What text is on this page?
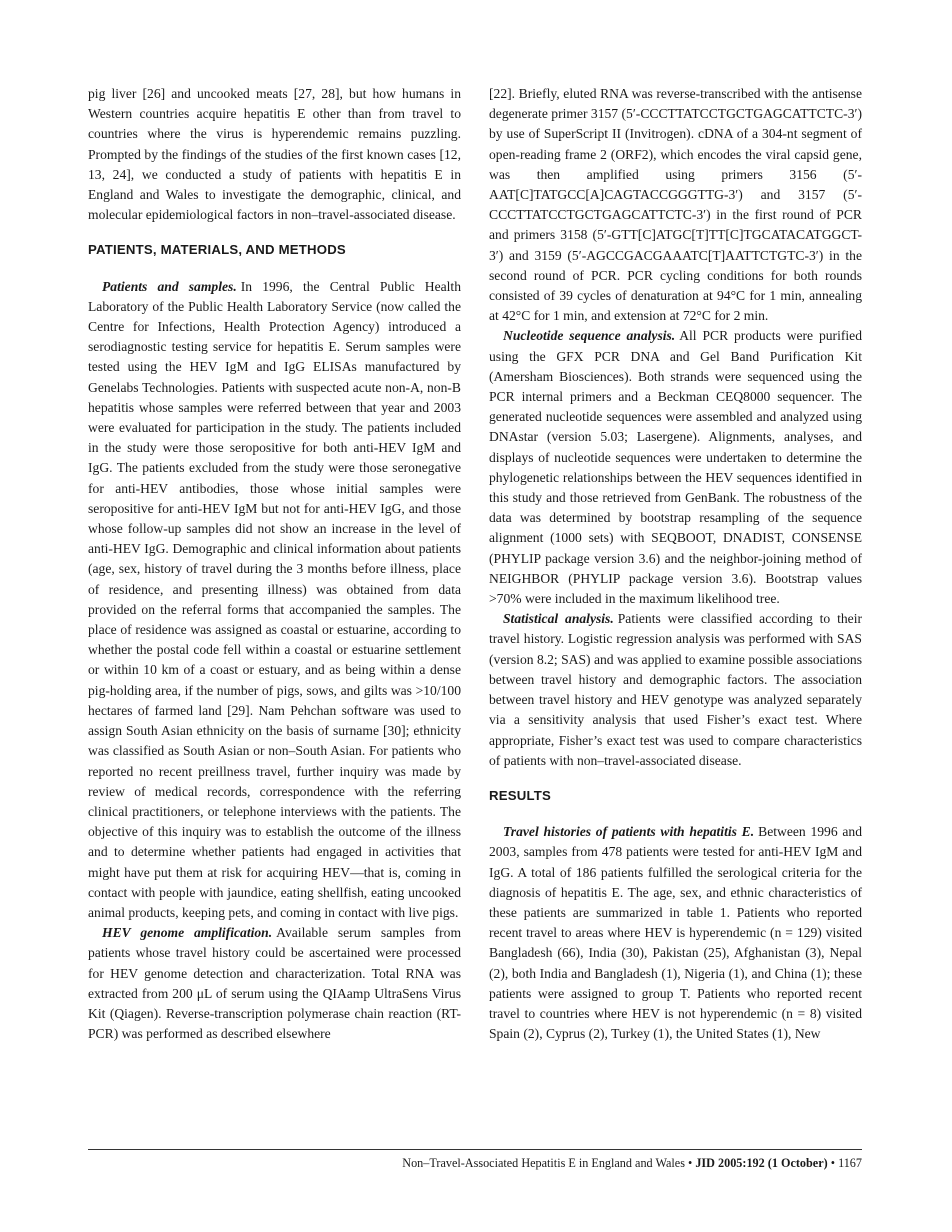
pig liver [26] and uncooked meats [27, 28], but how humans in Western countries acquire hepatitis E other than from travel to countries where the virus is hyperendemic remains puzzling. Prompted by the findings of the studies of the first known cases [12, 13, 24], we conducted a study of patients with hepatitis E in England and Wales to investigate the demographic, clinical, and molecular epidemiological factors in non–travel-associated disease.

PATIENTS, MATERIALS, AND METHODS

Patients and samples. In 1996, the Central Public Health Laboratory of the Public Health Laboratory Service (now called the Centre for Infections, Health Protection Agency) introduced a serodiagnostic testing service for hepatitis E. Serum samples were tested using the HEV IgM and IgG ELISAs manufactured by Genelabs Technologies. Patients with suspected acute non-A, non-B hepatitis whose samples were referred between that year and 2003 were evaluated for participation in the study. The patients included in the study were those seropositive for both anti-HEV IgM and IgG. The patients excluded from the study were those seronegative for anti-HEV antibodies, those whose initial samples were seropositive for anti-HEV IgM but not for anti-HEV IgG, and those whose follow-up samples did not show an increase in the level of anti-HEV IgG. Demographic and clinical information about patients (age, sex, history of travel during the 3 months before illness, place of residence, and presenting illness) was obtained from data provided on the referral forms that accompanied the samples. The place of residence was assigned as coastal or estuarine, according to whether the postal code fell within a coastal or estuarine settlement or within 10 km of a coast or estuary, and as being within a dense pig-holding area, if the number of pigs, sows, and gilts was >10/100 hectares of farmed land [29]. Nam Pehchan software was used to assign South Asian ethnicity on the basis of surname [30]; ethnicity was classified as South Asian or non–South Asian. For patients who reported no recent preillness travel, further inquiry was made by review of medical records, correspondence with the referring clinical practitioners, or telephone interviews with the patients. The objective of this inquiry was to establish the outcome of the illness and to determine whether patients had engaged in activities that might have put them at risk for acquiring HEV—that is, coming in contact with people with jaundice, eating shellfish, eating uncooked animal products, keeping pets, and coming in contact with live pigs.

HEV genome amplification. Available serum samples from patients whose travel history could be ascertained were processed for HEV genome detection and characterization. Total RNA was extracted from 200 μL of serum using the QIAamp UltraSens Virus Kit (Qiagen). Reverse-transcription polymerase chain reaction (RT-PCR) was performed as described elsewhere

[22]. Briefly, eluted RNA was reverse-transcribed with the antisense degenerate primer 3157 (5′-CCCTTATCCTGCTGAGCATTCTC-3′) by use of SuperScript II (Invitrogen). cDNA of a 304-nt segment of open-reading frame 2 (ORF2), which encodes the viral capsid gene, was then amplified using primers 3156 (5′-AAT[C]TATGCC[A]CAGTACCGGGTTG-3′) and 3157 (5′-CCCTTATCCTGCTGAGCATTCTC-3′) in the first round of PCR and primers 3158 (5′-GTT[C]ATGC[T]TT[C]TGCATACATGGCT-3′) and 3159 (5′-AGCCGACGAAATC[T]AATTCTGTC-3′) in the second round of PCR. PCR cycling conditions for both rounds consisted of 39 cycles of denaturation at 94°C for 1 min, annealing at 42°C for 1 min, and extension at 72°C for 2 min.

Nucleotide sequence analysis. All PCR products were purified using the GFX PCR DNA and Gel Band Purification Kit (Amersham Biosciences). Both strands were sequenced using the PCR internal primers and a Beckman CEQ8000 sequencer. The generated nucleotide sequences were assembled and analyzed using DNAstar (version 5.03; Lasergene). Alignments, analyses, and displays of nucleotide sequences were undertaken to determine the phylogenetic relationships between the HEV sequences identified in this study and those retrieved from GenBank. The robustness of the data was determined by bootstrap resampling of the sequence alignment (1000 sets) with SEQBOOT, DNADIST, CONSENSE (PHYLIP package version 3.6) and the neighbor-joining method of NEIGHBOR (PHYLIP package version 3.6). Bootstrap values >70% were included in the maximum likelihood tree.

Statistical analysis. Patients were classified according to their travel history. Logistic regression analysis was performed with SAS (version 8.2; SAS) and was applied to examine possible associations between travel history and demographic factors. The association between travel history and HEV genotype was analyzed separately via a sensitivity analysis that used Fisher’s exact test. Where appropriate, Fisher’s exact test was used to compare characteristics of patients with non–travel-associated disease.

RESULTS

Travel histories of patients with hepatitis E. Between 1996 and 2003, samples from 478 patients were tested for anti-HEV IgM and IgG. A total of 186 patients fulfilled the serological criteria for the diagnosis of hepatitis E. The age, sex, and ethnic characteristics of these patients are summarized in table 1. Patients who reported recent travel to areas where HEV is hyperendemic (n = 129) visited Bangladesh (66), India (30), Pakistan (25), Afghanistan (3), Nepal (2), both India and Bangladesh (1), Nigeria (1), and China (1); these patients were assigned to group T. Patients who reported recent travel to countries where HEV is not hyperendemic (n = 8) visited Spain (2), Cyprus (2), Turkey (1), the United States (1), New

Non–Travel-Associated Hepatitis E in England and Wales • JID 2005:192 (1 October) • 1167
